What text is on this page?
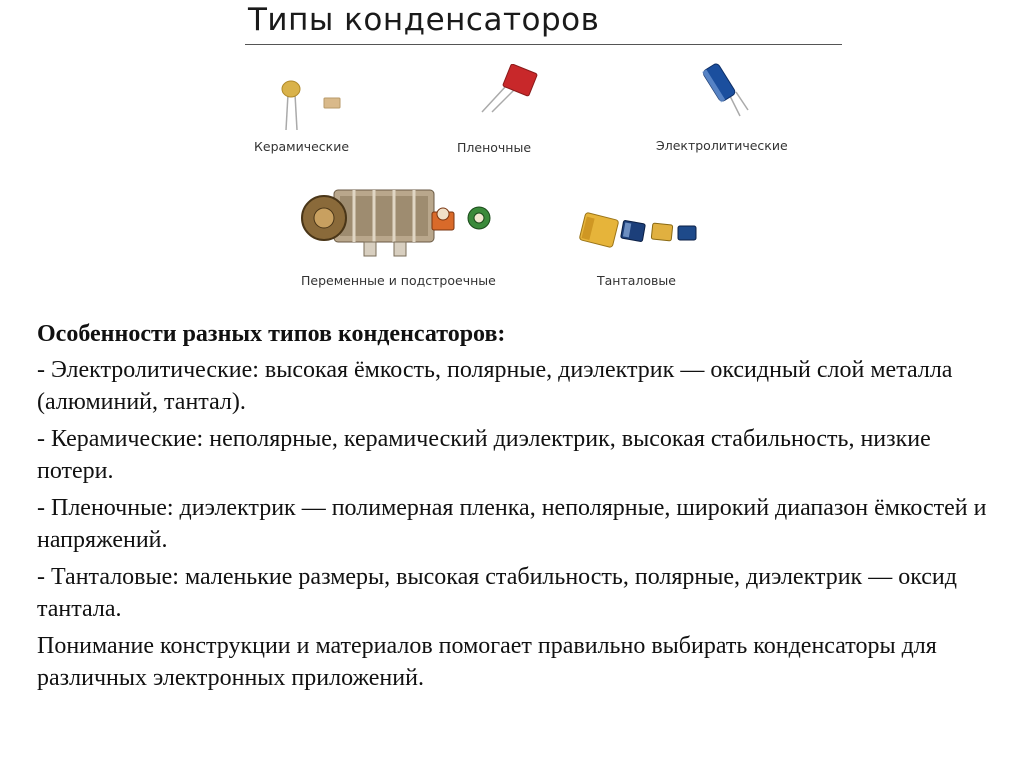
Типы конденсаторов
Керамические	Пленочные	Электролитические
Переменные и подстроечные	Танталовые

Особенности разных типов конденсаторов:

- Электролитические: высокая ёмкость, полярные, диэлектрик — оксидный слой металла (алюминий, тантал).

- Керамические: неполярные, керамический диэлектрик, высокая стабильность, низкие потери.

- Пленочные: диэлектрик — полимерная пленка, неполярные, широкий диапазон ёмкостей и напряжений.

- Танталовые: маленькие размеры, высокая стабильность, полярные, диэлектрик — оксид тантала.

Понимание конструкции и материалов помогает правильно выбирать конденсаторы для различных электронных приложений.
